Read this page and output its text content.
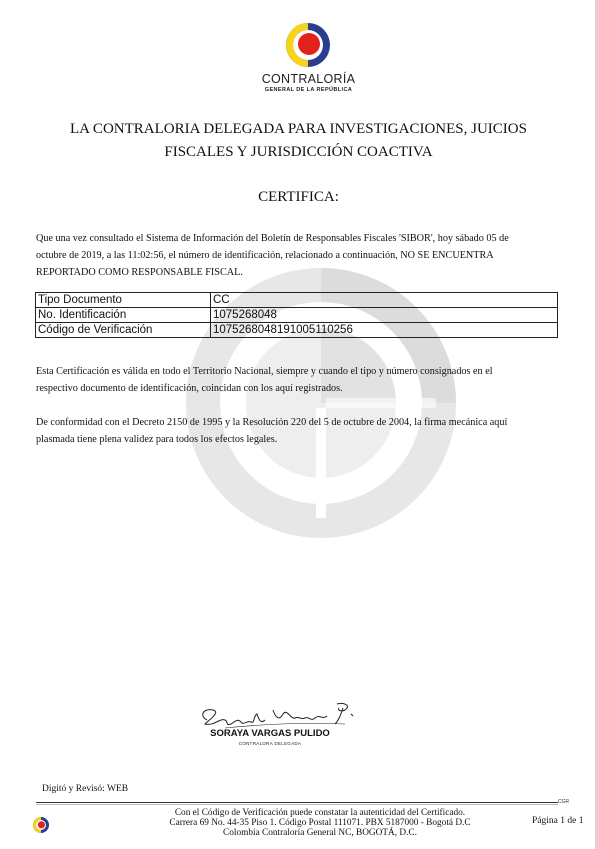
CONTRALORÍA
GENERAL DE LA REPÚBLICA
LA CONTRALORIA DELEGADA PARA INVESTIGACIONES, JUICIOS
FISCALES Y JURISDICCIÓN COACTIVA
CERTIFICA:
Que una vez consultado el Sistema de Información del Boletín de Responsables Fiscales 'SIBOR', hoy sábado 05 de
octubre de 2019, a las 11:02:56, el número de identificación, relacionado a continuación, NO SE ENCUENTRA
REPORTADO COMO RESPONSABLE FISCAL.
Tipo Documento	CC
No. Identificación	1075268048
Código de Verificación	1075268048191005110256
Esta Certificación es válida en todo el Territorio Nacional, siempre y cuando el tipo y número consignados en el
respectivo documento de identificación, coincidan con los aquí registrados.
De conformidad con el Decreto 2150 de 1995 y la Resolución 220 del 5 de octubre de 2004, la firma mecánica aquí
plasmada tiene plena validez para todos los efectos legales.
SORAYA VARGAS PULIDO
CONTRALORA DELEGADA
Digitó y Revisó: WEB
CGR
Con el Código de Verificación puede constatar la autenticidad del Certificado.
Carrera 69 No. 44-35 Piso 1. Código Postal 111071. PBX 5187000 - Bogotá D.C
Colombia Contraloría General NC, BOGOTÁ, D.C.
Página 1 de 1
